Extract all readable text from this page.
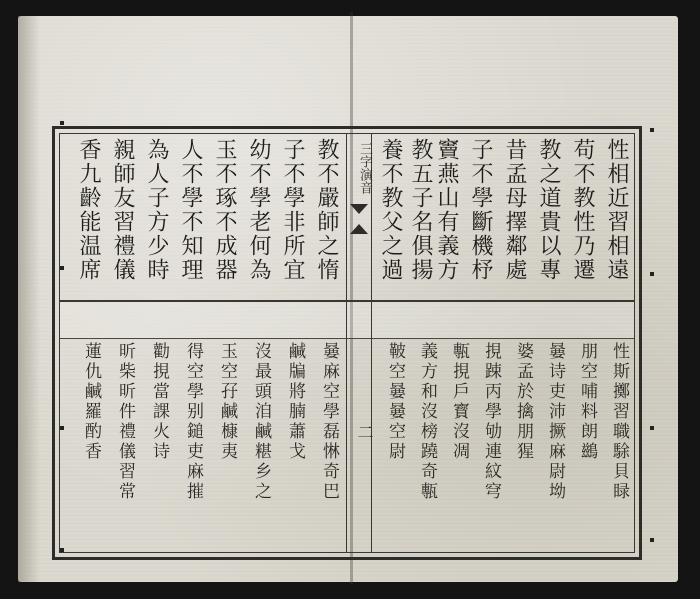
三字演音
二
性相近習相遠
苟不教性乃遷
教之道貴以專
昔孟母擇鄰處
子不學斷機杼
竇燕山有義方
教五子名俱揚
養不教父之過
性斯擲習職駼貝睩
朋空哺料朗鷀
嘦诗吏沛撅麻尉坳
婆孟於擒朋猩
挸踈丙學劬連紋穹
甎挸戶寳沒凋
義方和沒榜蹺奇甎
鞁空嘦嘦空尉
教不嚴師之惰
子不學非所宜
幼不學老何為
玉不琢不成器
人不學不知理
為人子方少時
親師友習禮儀
香九齡能温席
嘦麻空學磊惏奇巴
鹹牑將腩蕭戈
沒最頭洎鹹糂乡之
玉空孖鹹槺夷
得空學别鎚吏麻摧
勸挸當課火诗
昕柴昕件禮儀習常
蓮仇鹹羅酌香
